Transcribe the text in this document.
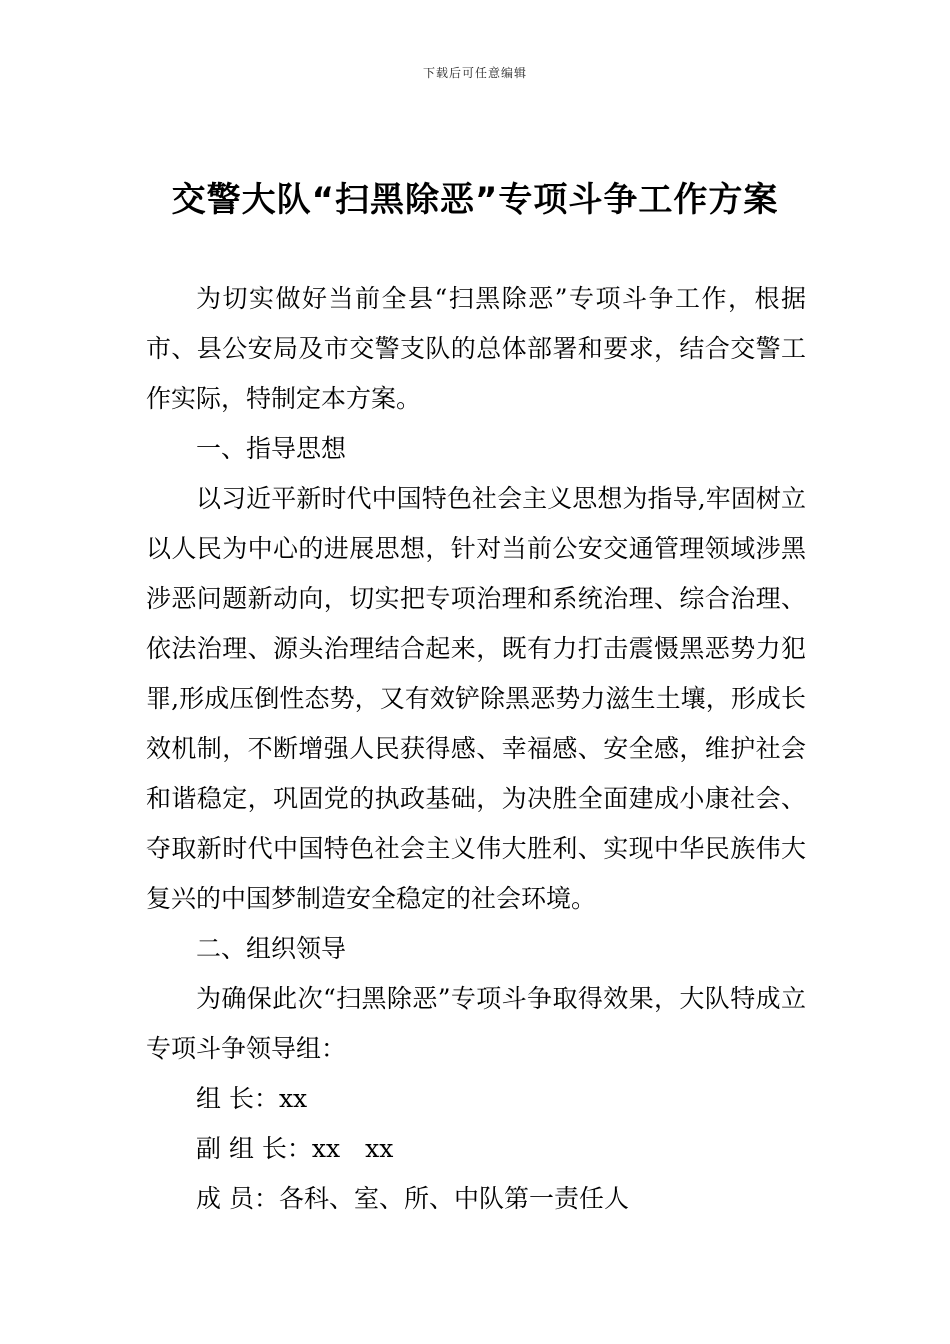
下载后可任意编辑
交警大队“扫黑除恶”专项斗争工作方案

为切实做好当前全县“扫黑除恶”专项斗争工作，根据市、县公安局及市交警支队的总体部署和要求，结合交警工作实际，特制定本方案。

一、指导思想

以习近平新时代中国特色社会主义思想为指导,牢固树立以人民为中心的进展思想，针对当前公安交通管理领域涉黑涉恶问题新动向，切实把专项治理和系统治理、综合治理、依法治理、源头治理结合起来，既有力打击震慑黑恶势力犯罪,形成压倒性态势，又有效铲除黑恶势力滋生土壤，形成长效机制，不断增强人民获得感、幸福感、安全感，维护社会和谐稳定，巩固党的执政基础，为决胜全面建成小康社会、夺取新时代中国特色社会主义伟大胜利、实现中华民族伟大复兴的中国梦制造安全稳定的社会环境。

二、组织领导

为确保此次“扫黑除恶”专项斗争取得效果，大队特成立专项斗争领导组：

组 长：xx

副 组 长：xx　xx

成 员：各科、室、所、中队第一责任人
